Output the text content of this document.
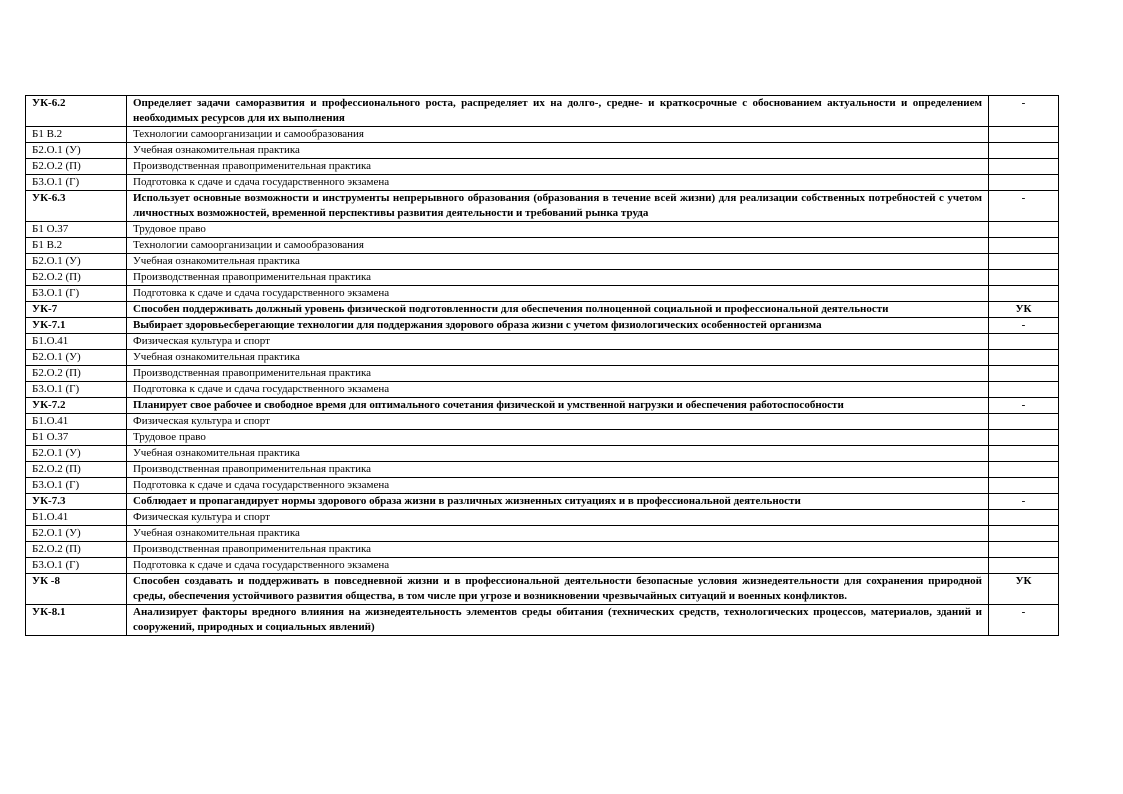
УК-6.2	Определяет задачи саморазвития и профессионального роста, распределяет их на долго-, средне- и краткосрочные с обоснованием актуальности и определением необходимых ресурсов для их выполнения	-
Б1 В.2	Технологии самоорганизации и самообразования	
Б2.О.1 (У)	Учебная ознакомительная практика	
Б2.О.2 (П)	Производственная правоприменительная практика	
Б3.О.1 (Г)	Подготовка к сдаче и сдача государственного экзамена	
УК-6.3	Использует основные возможности и инструменты непрерывного образования (образования в течение всей жизни) для реализации собственных потребностей с учетом личностных возможностей, временной перспективы развития деятельности и требований рынка труда	-
Б1 О.37	Трудовое право	
Б1 В.2	Технологии самоорганизации и самообразования	
Б2.О.1 (У)	Учебная ознакомительная практика	
Б2.О.2 (П)	Производственная правоприменительная практика	
Б3.О.1 (Г)	Подготовка к сдаче и сдача государственного экзамена	
УК-7	Способен поддерживать должный уровень физической подготовленности для обеспечения полноценной социальной и профессиональной деятельности	УК
УК-7.1	Выбирает здоровьесберегающие технологии для поддержания здорового образа жизни с учетом физиологических особенностей организма	-
Б1.О.41	Физическая культура и спорт	
Б2.О.1 (У)	Учебная ознакомительная практика	
Б2.О.2 (П)	Производственная правоприменительная практика	
Б3.О.1 (Г)	Подготовка к сдаче и сдача государственного экзамена	
УК-7.2	Планирует свое рабочее и свободное время для оптимального сочетания физической и умственной нагрузки и обеспечения работоспособности	-
Б1.О.41	Физическая культура и спорт	
Б1 О.37	Трудовое право	
Б2.О.1 (У)	Учебная ознакомительная практика	
Б2.О.2 (П)	Производственная правоприменительная практика	
Б3.О.1 (Г)	Подготовка к сдаче и сдача государственного экзамена	
УК-7.3	Соблюдает и пропагандирует нормы здорового образа жизни в различных жизненных ситуациях и в профессиональной деятельности	-
Б1.О.41	Физическая культура и спорт	
Б2.О.1 (У)	Учебная ознакомительная практика	
Б2.О.2 (П)	Производственная правоприменительная практика	
Б3.О.1 (Г)	Подготовка к сдаче и сдача государственного экзамена	
УК -8	Способен создавать и поддерживать в повседневной жизни и в профессиональной деятельности безопасные условия жизнедеятельности для сохранения природной среды, обеспечения устойчивого развития общества, в том числе при угрозе и возникновении чрезвычайных ситуаций и военных конфликтов.	УК
УК-8.1	Анализирует факторы вредного влияния на жизнедеятельность элементов среды обитания (технических средств, технологических процессов, материалов, зданий и сооружений, природных и социальных явлений)	-
